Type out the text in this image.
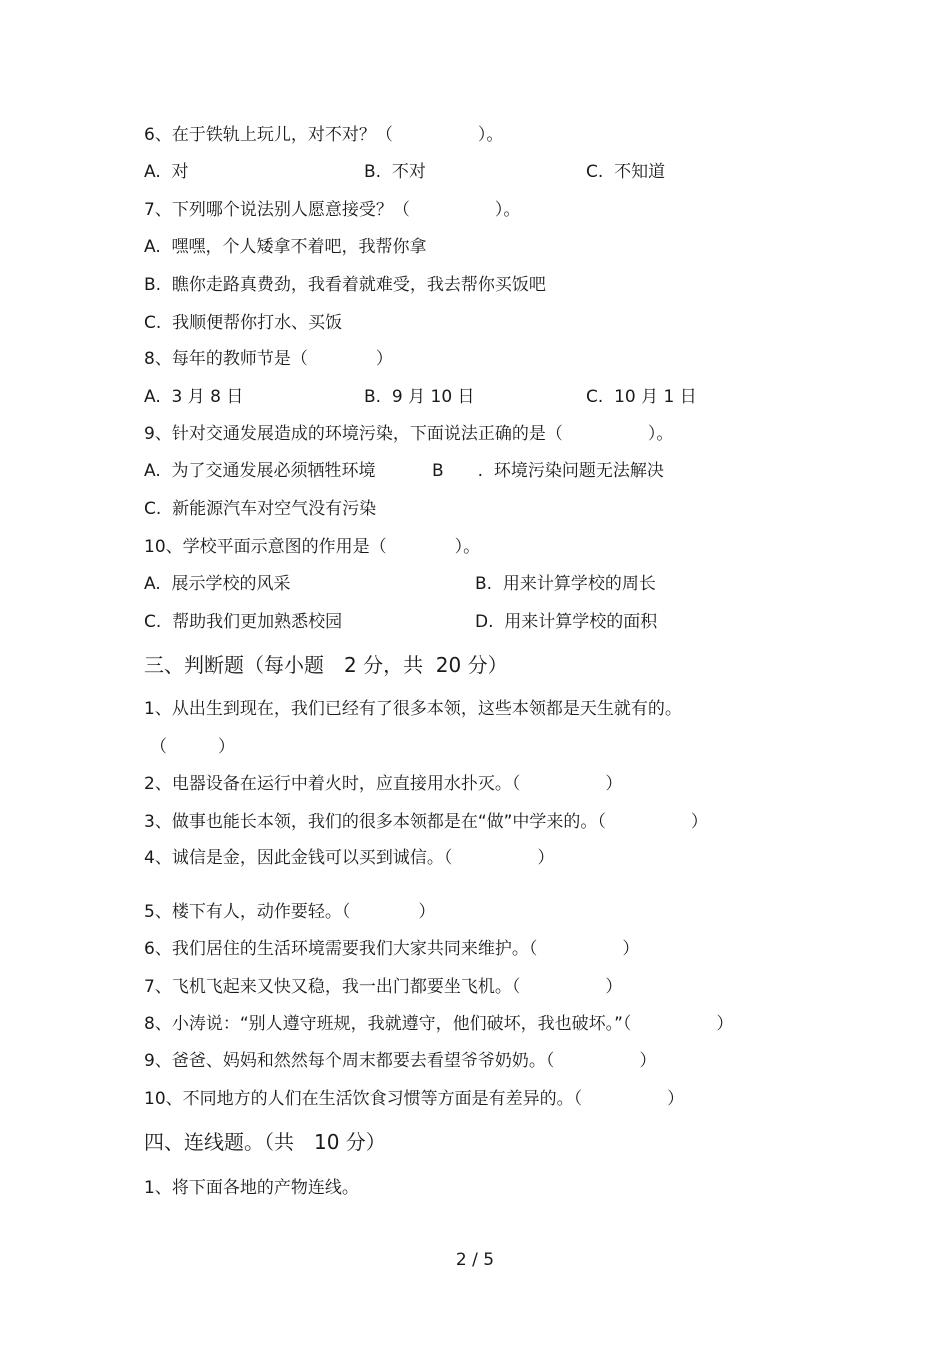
6、在于铁轨上玩儿，对不对？（　　　　　）。
A.  对	B.  不对	C.  不知道
7、下列哪个说法别人愿意接受？（　　　　　）。
A.  嘿嘿，个人矮拿不着吧，我帮你拿
B.  瞧你走路真费劲，我看着就难受，我去帮你买饭吧
C.  我顺便帮你打水、买饭
8、每年的教师节是（　　　　）
A.  3 月 8 日	B.  9 月 10 日	C.  10 月 1 日
9、针对交通发展造成的环境污染，下面说法正确的是（　　　　　）。
A.  为了交通发展必须牺牲环境	B　　.  环境污染问题无法解决
C.  新能源汽车对空气没有污染
10、学校平面示意图的作用是（　　　　）。
A.  展示学校的风采	B.  用来计算学校的周长
C.  帮助我们更加熟悉校园	D.  用来计算学校的面积
三、判断题（每小题　2 分，共  20 分）
1、从出生到现在，我们已经有了很多本领，这些本领都是天生就有的。
（　　　）
2、电器设备在运行中着火时，应直接用水扑灭。（　　　　　）
3、做事也能长本领，我们的很多本领都是在“做”中学来的。（　　　　　）
4、诚信是金，因此金钱可以买到诚信。（　　　　　）
5、楼下有人，动作要轻。（　　　　）
6、我们居住的生活环境需要我们大家共同来维护。（　　　　　）
7、飞机飞起来又快又稳，我一出门都要坐飞机。（　　　　　）
8、小涛说：“别人遵守班规，我就遵守，他们破坏，我也破坏。”（　　　　　）
9、爸爸、妈妈和然然每个周末都要去看望爷爷奶奶。（　　　　　）
10、不同地方的人们在生活饮食习惯等方面是有差异的。（　　　　　）
四、连线题。（共　10 分）
1、将下面各地的产物连线。
2 / 5
